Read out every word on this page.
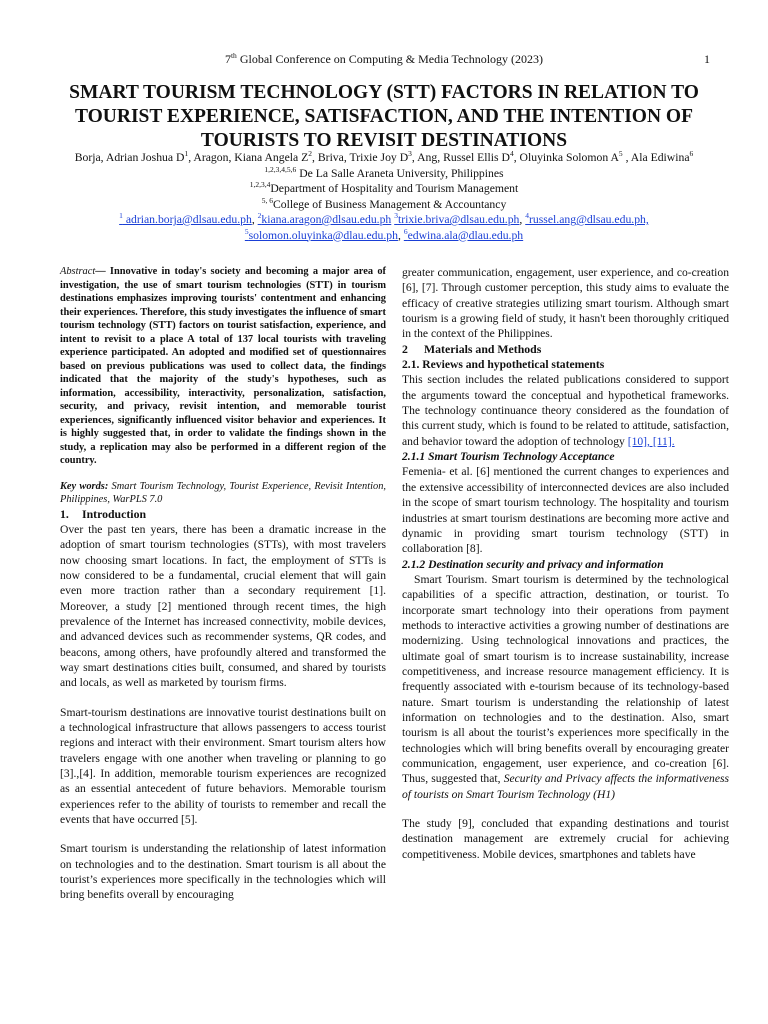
7th Global Conference on Computing & Media Technology (2023)	1
SMART TOURISM TECHNOLOGY (STT) FACTORS IN RELATION TO TOURIST EXPERIENCE, SATISFACTION, AND THE INTENTION OF TOURISTS TO REVISIT DESTINATIONS

Borja, Adrian Joshua $D^1$, Aragon, Kiana Angela $Z^2$, Briva, Trixie Joy $D^3$, Ang, Russel Ellis $D^4$, Oluyinka Solomon $A^5$ , Ala Ediwina$^6$

$^{1,2,3,4,5,6}$ De La Salle Araneta University, Philippines

$^{1,2,3,4}$Department of Hospitality and Tourism Management

$^{5, 6}$College of Business Management & Accountancy

$^1$ adrian.borja@dlsau.edu.ph, $^2$kiana.aragon@dlsau.edu.ph $^3$trixie.briva@dlsau.edu.ph, $^4$russel.ang@dlsau.edu.ph,

$^5$solomon.oluyinka@dlau.edu.ph, $^6$edwina.ala@dlau.edu.ph

Abstract— Innovative in today's society and becoming a major area of investigation, the use of smart tourism technologies (STT) in tourism destinations emphasizes improving tourists' contentment and enhancing their experiences. Therefore, this study investigates the influence of smart tourism technology (STT) factors on tourist satisfaction, experience, and intent to revisit to a place A total of 137 local tourists with traveling experience participated. An adopted and modified set of questionnaires based on previous publications was used to collect data, the findings indicated that the majority of the study's hypotheses, such as information, accessibility, interactivity, personalization, satisfaction, security, and privacy, revisit intention, and memorable tourist experiences, significantly influenced visitor behavior and experiences. It is highly suggested that, in order to validate the findings shown in the study, a replication may also be performed in a different region of the country.

Key words: Smart Tourism Technology, Tourist Experience, Revisit Intention, Philippines, WarPLS 7.0

1. Introduction

Over the past ten years, there has been a dramatic increase in the adoption of smart tourism technologies (STTs), with most travelers now choosing smart locations. In fact, the employment of STTs is now considered to be a fundamental, crucial element that will gain even more traction rather than a secondary requirement [1]. Moreover, a study [2] mentioned through recent times, the high prevalence of the Internet has increased connectivity, mobile devices, and advanced devices such as recommender systems, QR codes, and beacons, among others, have profoundly altered and transformed the way smart destinations cities built, consumed, and shared by tourists and locals, as well as marketed by tourism firms.

Smart-tourism destinations are innovative tourist destinations built on a technological infrastructure that allows passengers to access tourist regions and interact with their environment. Smart tourism alters how travelers engage with one another when traveling or planning to go [3].,[4]. In addition, memorable tourism experiences are recognized as an essential antecedent of future behaviors. Memorable tourism experiences refer to the ability of tourists to remember and recall the events that have occurred [5].

Smart tourism is understanding the relationship of latest information on technologies and to the destination. Smart tourism is all about the tourist’s experiences more specifically in the technologies which will bring benefits overall by encouraging

greater communication, engagement, user experience, and co-creation [6], [7]. Through customer perception, this study aims to evaluate the efficacy of creative strategies utilizing smart tourism. Although smart tourism is a growing field of study, it hasn't been thoroughly critiqued in the context of the Philippines.

2 Materials and Methods

2.1. Reviews and hypothetical statements

This section includes the related publications considered to support the arguments toward the conceptual and hypothetical frameworks. The technology continuance theory considered as the foundation of this current study, which is found to be related to attitude, satisfaction, and behavior toward the adoption of technology [10], [11].

2.1.1 Smart Tourism Technology Acceptance

Femenia- et al. [6] mentioned the current changes to experiences and the extensive accessibility of interconnected devices are also included in the scope of smart tourism technology. The hospitality and tourism industries at smart tourism destinations are becoming more active and dynamic in providing smart tourism technology (STT) in collaboration [8].

2.1.2 Destination security and privacy and information

Smart Tourism. Smart tourism is determined by the technological capabilities of a specific attraction, destination, or tourist. To incorporate smart technology into their operations from payment methods to interactive activities a growing number of destinations are modernizing. Using technological innovations and practices, the ultimate goal of smart tourism is to increase sustainability, increase competitiveness, and increase resource management efficiency. It is frequently associated with e-tourism because of its technology-based nature. Smart tourism is understanding the relationship of latest information on technologies and to the destination. Also, smart tourism is all about the tourist’s experiences more specifically in the technologies which will bring benefits overall by encouraging greater communication, engagement, user experience, and co-creation [6]. Thus, suggested that, Security and Privacy affects the informativeness of tourists on Smart Tourism Technology (H1)

The study [9], concluded that expanding destinations and tourist destination management are extremely crucial for achieving competitiveness. Mobile devices, smartphones and tablets have
